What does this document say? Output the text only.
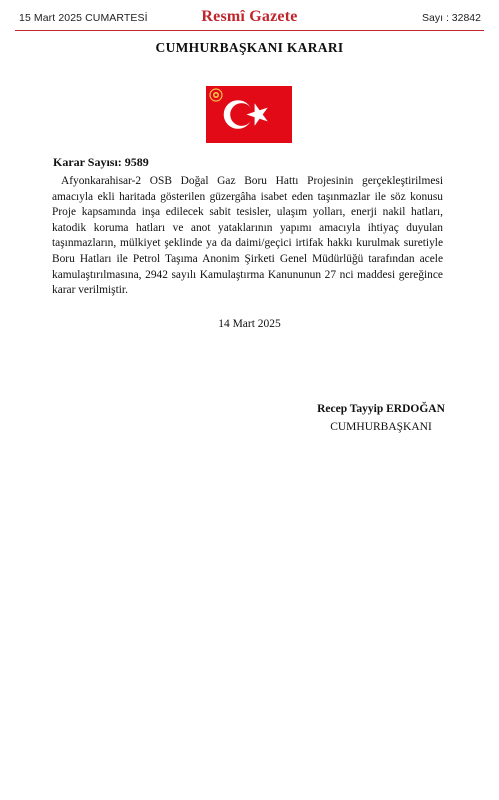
15 Mart 2025 CUMARTESİ	Resmî Gazete	Sayı : 32842
CUMHURBAŞKANI KARARI
Karar Sayısı: 9589

Afyonkarahisar-2 OSB Doğal Gaz Boru Hattı Projesinin gerçekleştirilmesi amacıyla ekli haritada gösterilen güzergâha isabet eden taşınmazlar ile söz konusu Proje kapsamında inşa edilecek sabit tesisler, ulaşım yolları, enerji nakil hatları, katodik koruma hatları ve anot yataklarının yapımı amacıyla ihtiyaç duyulan taşınmazların, mülkiyet şeklinde ya da daimi/geçici irtifak hakkı kurulmak suretiyle Boru Hatları ile Petrol Taşıma Anonim Şirketi Genel Müdürlüğü tarafından acele kamulaştırılmasına, 2942 sayılı Kamulaştırma Kanununun 27 nci maddesi gereğince karar verilmiştir.

14 Mart 2025
Recep Tayyip ERDOĞAN
CUMHURBAŞKANI
